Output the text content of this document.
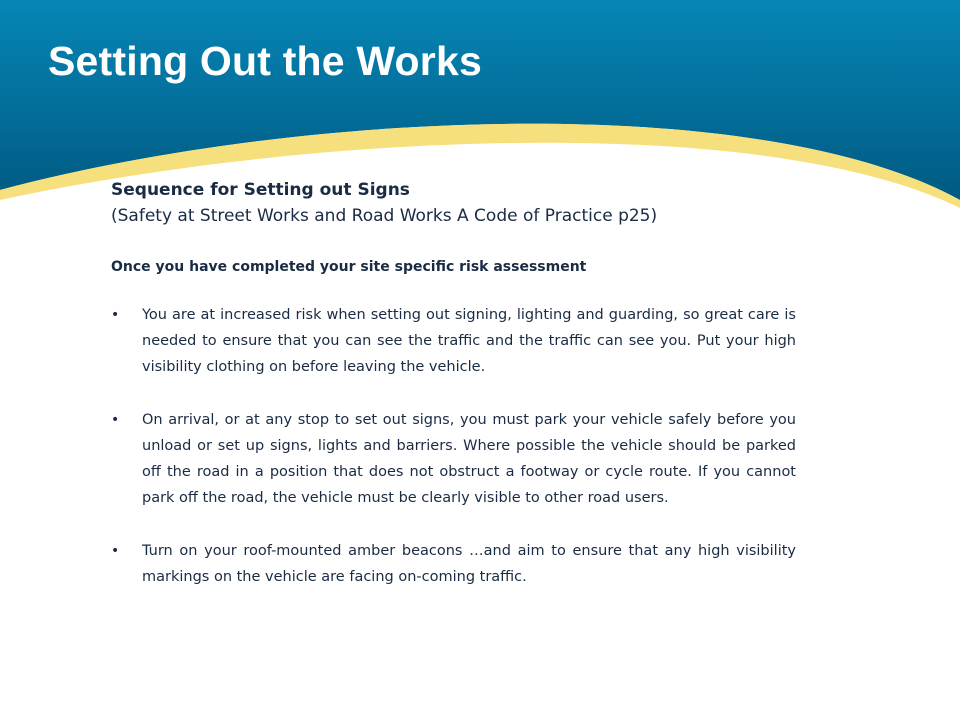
Setting Out the Works

Sequence for Setting out Signs

(Safety at Street Works and Road Works A Code of Practice p25)

Once you have completed your site specific risk assessment

• You are at increased risk when setting out signing, lighting and guarding, so great care is needed to ensure that you can see the traffic and the traffic can see you. Put your high visibility clothing on before leaving the vehicle.
• On arrival, or at any stop to set out signs, you must park your vehicle safely before you unload or set up signs, lights and barriers. Where possible the vehicle should be parked off the road in a position that does not obstruct a footway or cycle route. If you cannot park off the road, the vehicle must be clearly visible to other road users.
• Turn on your roof-mounted amber beacons …and aim to ensure that any high visibility markings on the vehicle are facing on-coming traffic.
